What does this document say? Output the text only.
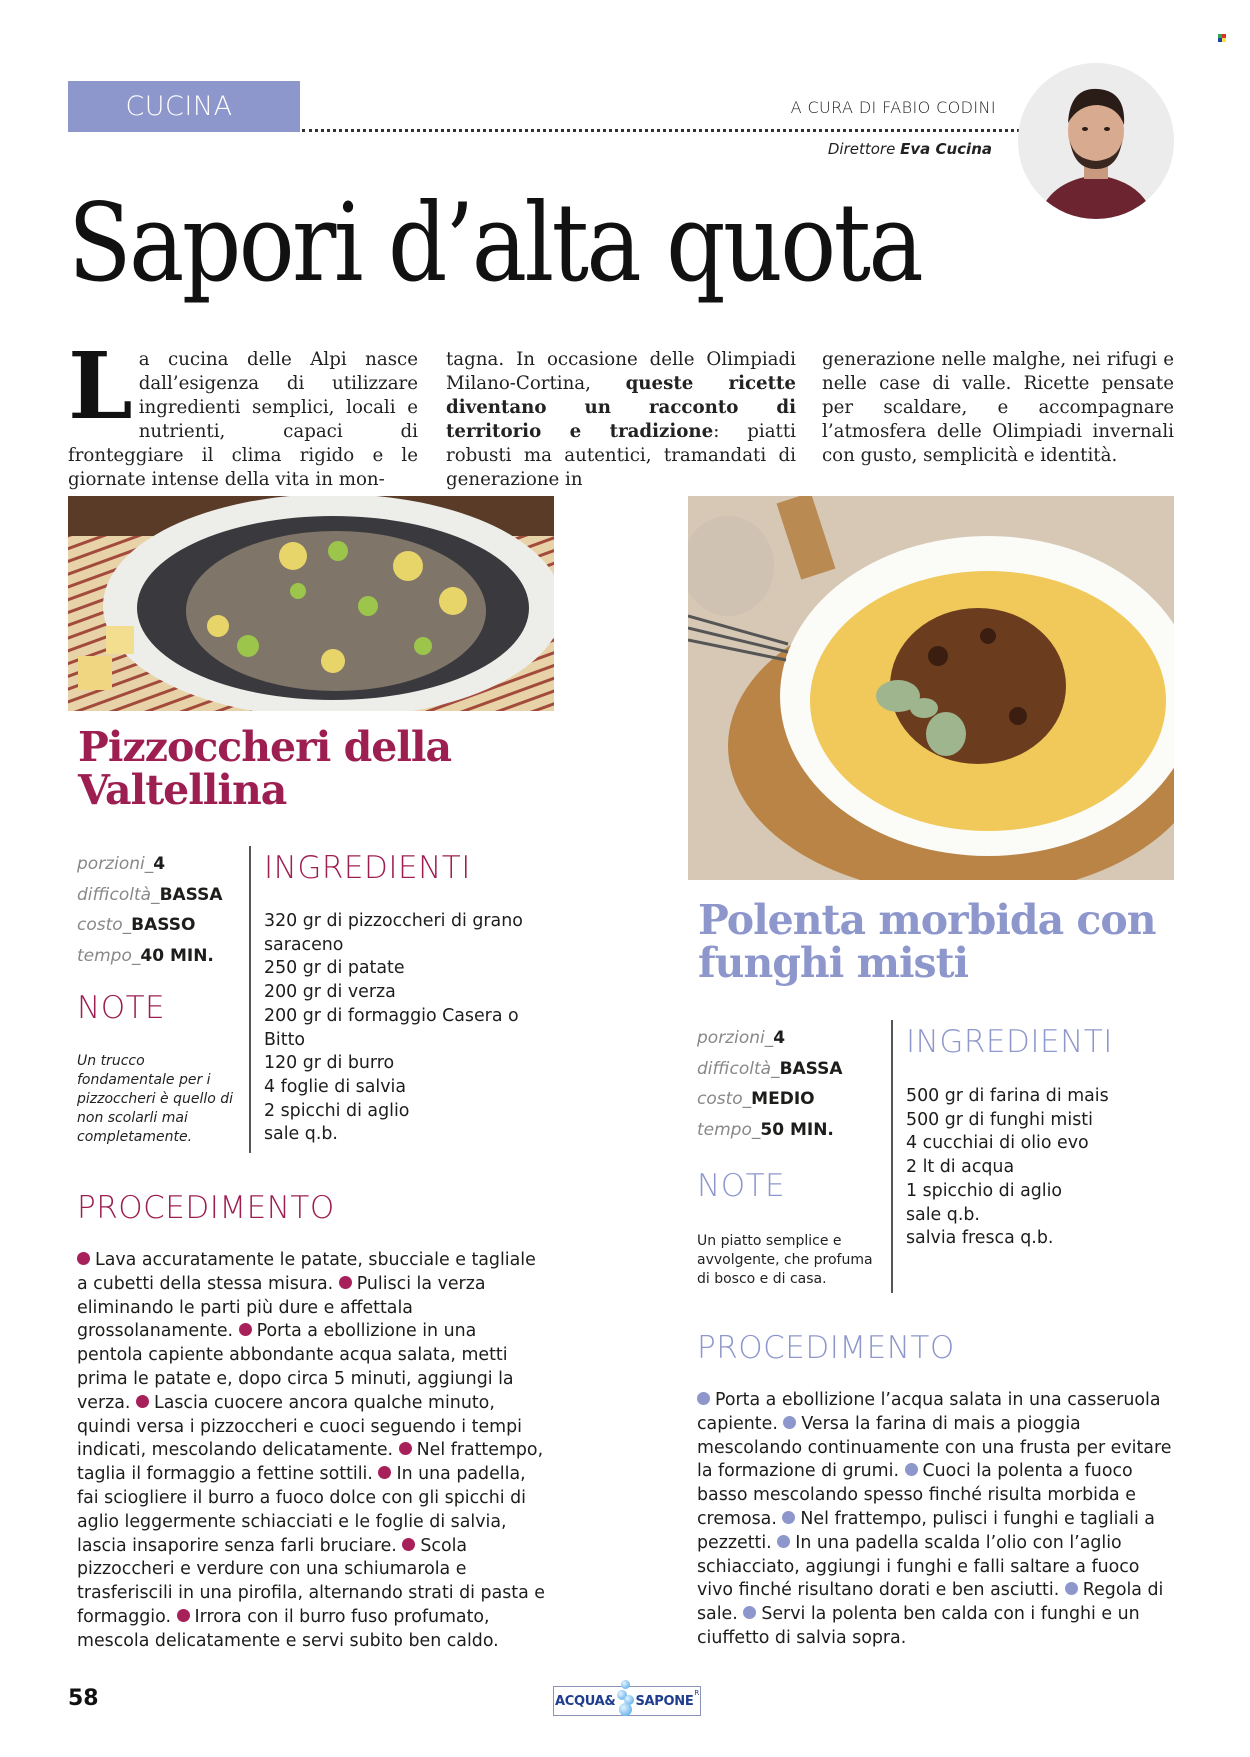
CUCINA	A CURA DI FABIO CODINI
Direttore Eva Cucina
Sapori d’alta quota

La cucina delle Alpi nasce dall’esigenza di utilizzare ingredienti semplici, locali e nutrienti, capaci di fronteggiare il clima rigido e le giornate intense della vita in mon-

tagna. In occasione delle Olimpiadi Milano-Cortina, queste ricette diventano un racconto di territorio e tradizione: piatti robusti ma autentici, tramandati di generazione in

generazione nelle malghe, nei rifugi e nelle case di valle. Ricette pensate per scaldare, e accompagnare l’atmosfera delle Olimpiadi invernali con gusto, semplicità e identità.

Pizzoccheri della
Valtellina
porzioni_4
difficoltà_BASSA
costo_BASSO
tempo_40 MIN.
NOTE

Un trucco fondamentale per i pizzoccheri è quello di non scolarli mai completamente.

INGREDIENTI
320 gr di pizzoccheri di grano saraceno
250 gr di patate
200 gr di verza
200 gr di formaggio Casera o Bitto
120 gr di burro
4 foglie di salvia
2 spicchi di aglio
sale q.b.
PROCEDIMENTO

Lava accuratamente le patate, sbucciale e tagliale a cubetti della stessa misura. Pulisci la verza eliminando le parti più dure e affettala grossolanamente. Porta a ebollizione in una pentola capiente abbondante acqua salata, metti prima le patate e, dopo circa 5 minuti, aggiungi la verza. Lascia cuocere ancora qualche minuto, quindi versa i pizzoccheri e cuoci seguendo i tempi indicati, mescolando delicatamente. Nel frattempo, taglia il formaggio a fettine sottili. In una padella, fai sciogliere il burro a fuoco dolce con gli spicchi di aglio leggermente schiacciati e le foglie di salvia, lascia insaporire senza farli bruciare. Scola pizzoccheri e verdure con una schiumarola e trasferiscili in una pirofila, alternando strati di pasta e formaggio. Irrora con il burro fuso profumato, mescola delicatamente e servi subito ben caldo.

Polenta morbida con
funghi misti
porzioni_4
difficoltà_BASSA
costo_MEDIO
tempo_50 MIN.
NOTE

Un piatto semplice e avvolgente, che profuma di bosco e di casa.

INGREDIENTI
500 gr di farina di mais
500 gr di funghi misti
4 cucchiai di olio evo
2 lt di acqua
1 spicchio di aglio
sale q.b.
salvia fresca q.b.
PROCEDIMENTO

Porta a ebollizione l’acqua salata in una casseruola capiente. Versa la farina di mais a pioggia mescolando continuamente con una frusta per evitare la formazione di grumi. Cuoci la polenta a fuoco basso mescolando spesso finché risulta morbida e cremosa. Nel frattempo, pulisci i funghi e tagliali a pezzetti. In una padella scalda l’olio con l’aglio schiacciato, aggiungi i funghi e falli saltare a fuoco vivo finché risultano dorati e ben asciutti. Regola di sale. Servi la polenta ben calda con i funghi e un ciuffetto di salvia sopra.

58	ACQUA& SAPONE
$^R$
